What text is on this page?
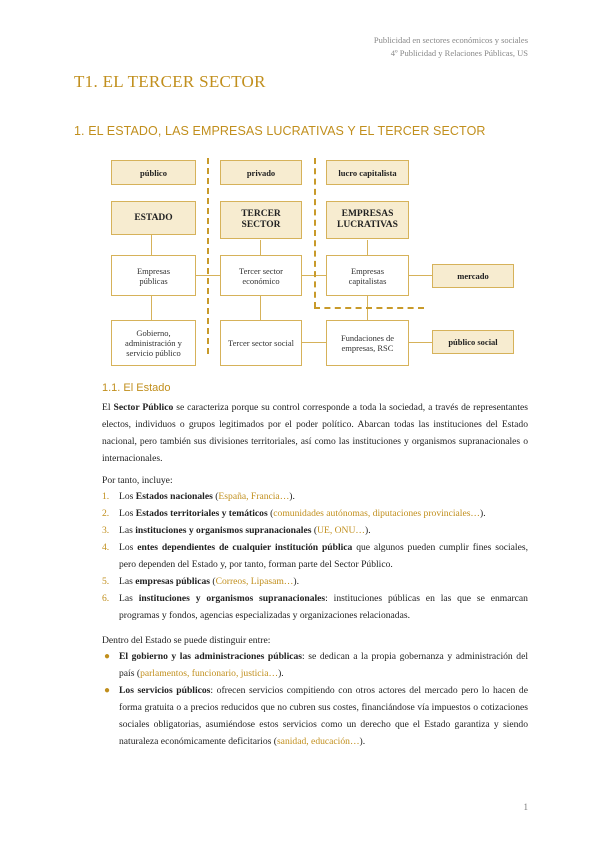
Publicidad en sectores económicos y sociales
4º Publicidad y Relaciones Públicas, US
T1. EL TERCER SECTOR
1. EL ESTADO, LAS EMPRESAS LUCRATIVAS Y EL TERCER SECTOR
público	privado	lucro capitalista
ESTADO	TERCER SECTOR
EMPRESAS LUCRATIVAS
Empresas públicas
Tercer sector económico
Empresas capitalistas
Gobierno, administración y servicio público
Tercer sector social	Fundaciones de empresas, RSC
mercado
público social
1.1. El Estado
El Sector Público se caracteriza porque su control corresponde a toda la sociedad, a través de representantes electos, individuos o grupos legitimados por el poder político. Abarcan todas las instituciones del Estado nacional, pero también sus divisiones territoriales, así como las instituciones y organismos supranacionales o internacionales.
Por tanto, incluye:
1. Los Estados nacionales (España, Francia…).
2. Los Estados territoriales y temáticos (comunidades autónomas, diputaciones provinciales…).
3. Las instituciones y organismos supranacionales (UE, ONU…).
4. Los entes dependientes de cualquier institución pública que algunos pueden cumplir fines sociales, pero dependen del Estado y, por tanto, forman parte del Sector Público.
5. Las empresas públicas (Correos, Lipasam…).
6. Las instituciones y organismos supranacionales: instituciones públicas en las que se enmarcan programas y fondos, agencias especializadas y organizaciones relacionadas.
Dentro del Estado se puede distinguir entre:
● El gobierno y las administraciones públicas: se dedican a la propia gobernanza y administración del país (parlamentos, funcionario, justicia…).
● Los servicios públicos: ofrecen servicios compitiendo con otros actores del mercado pero lo hacen de forma gratuita o a precios reducidos que no cubren sus costes, financiándose vía impuestos o cotizaciones sociales obligatorias, asumiéndose estos servicios como un derecho que el Estado garantiza y siendo naturaleza económicamente deficitarios (sanidad, educación…).
1
